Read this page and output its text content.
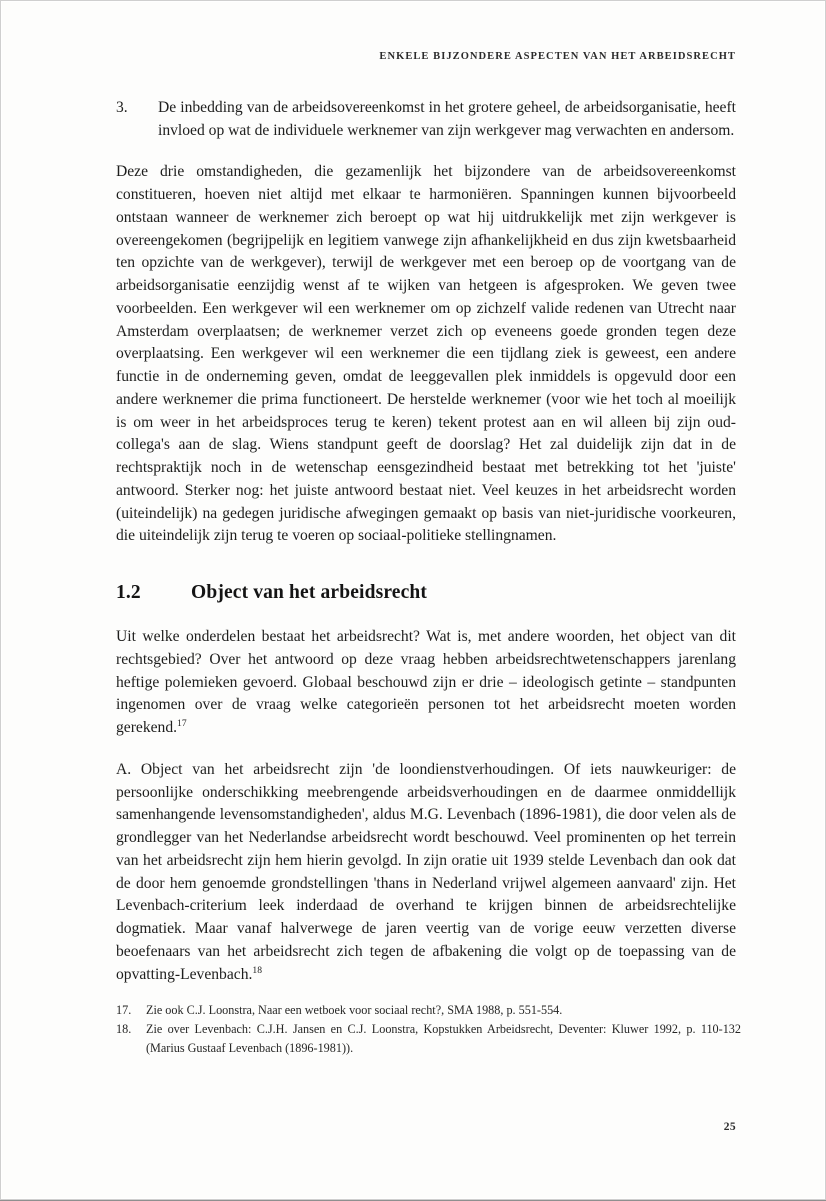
ENKELE BIJZONDERE ASPECTEN VAN HET ARBEIDSRECHT
3.	De inbedding van de arbeidsovereenkomst in het grotere geheel, de arbeidsorganisatie, heeft invloed op wat de individuele werknemer van zijn werkgever mag verwachten en andersom.

Deze drie omstandigheden, die gezamenlijk het bijzondere van de arbeidsovereenkomst constitueren, hoeven niet altijd met elkaar te harmoniëren. Spanningen kunnen bijvoorbeeld ontstaan wanneer de werknemer zich beroept op wat hij uitdrukkelijk met zijn werkgever is overeengekomen (begrijpelijk en legitiem vanwege zijn afhankelijkheid en dus zijn kwetsbaarheid ten opzichte van de werkgever), terwijl de werkgever met een beroep op de voortgang van de arbeidsorganisatie eenzijdig wenst af te wijken van hetgeen is afgesproken. We geven twee voorbeelden. Een werkgever wil een werknemer om op zichzelf valide redenen van Utrecht naar Amsterdam overplaatsen; de werknemer verzet zich op eveneens goede gronden tegen deze overplaatsing. Een werkgever wil een werknemer die een tijdlang ziek is geweest, een andere functie in de onderneming geven, omdat de leeggevallen plek inmiddels is opgevuld door een andere werknemer die prima functioneert. De herstelde werknemer (voor wie het toch al moeilijk is om weer in het arbeidsproces terug te keren) tekent protest aan en wil alleen bij zijn oud-collega's aan de slag. Wiens standpunt geeft de doorslag? Het zal duidelijk zijn dat in de rechtspraktijk noch in de wetenschap eensgezindheid bestaat met betrekking tot het 'juiste' antwoord. Sterker nog: het juiste antwoord bestaat niet. Veel keuzes in het arbeidsrecht worden (uiteindelijk) na gedegen juridische afwegingen gemaakt op basis van niet-juridische voorkeuren, die uiteindelijk zijn terug te voeren op sociaal-politieke stellingnamen.

1.2	Object van het arbeidsrecht

Uit welke onderdelen bestaat het arbeidsrecht? Wat is, met andere woorden, het object van dit rechtsgebied? Over het antwoord op deze vraag hebben arbeidsrechtwetenschappers jarenlang heftige polemieken gevoerd. Globaal beschouwd zijn er drie – ideologisch getinte – standpunten ingenomen over de vraag welke categorieën personen tot het arbeidsrecht moeten worden gerekend.$^{17}$

A. Object van het arbeidsrecht zijn 'de loondienstverhoudingen. Of iets nauwkeuriger: de persoonlijke onderschikking meebrengende arbeidsverhoudingen en de daarmee onmiddellijk samenhangende levensomstandigheden', aldus M.G. Levenbach (1896-1981), die door velen als de grondlegger van het Nederlandse arbeidsrecht wordt beschouwd. Veel prominenten op het terrein van het arbeidsrecht zijn hem hierin gevolgd. In zijn oratie uit 1939 stelde Levenbach dan ook dat de door hem genoemde grondstellingen 'thans in Nederland vrijwel algemeen aanvaard' zijn. Het Levenbach-criterium leek inderdaad de overhand te krijgen binnen de arbeidsrechtelijke dogmatiek. Maar vanaf halverwege de jaren veertig van de vorige eeuw verzetten diverse beoefenaars van het arbeidsrecht zich tegen de afbakening die volgt op de toepassing van de opvatting-Levenbach.$^{18}$

17.	Zie ook C.J. Loonstra, Naar een wetboek voor sociaal recht?, SMA 1988, p. 551-554.
18.	Zie over Levenbach: C.J.H. Jansen en C.J. Loonstra, Kopstukken Arbeidsrecht, Deventer: Kluwer 1992, p. 110-132 (Marius Gustaaf Levenbach (1896-1981)).
25
